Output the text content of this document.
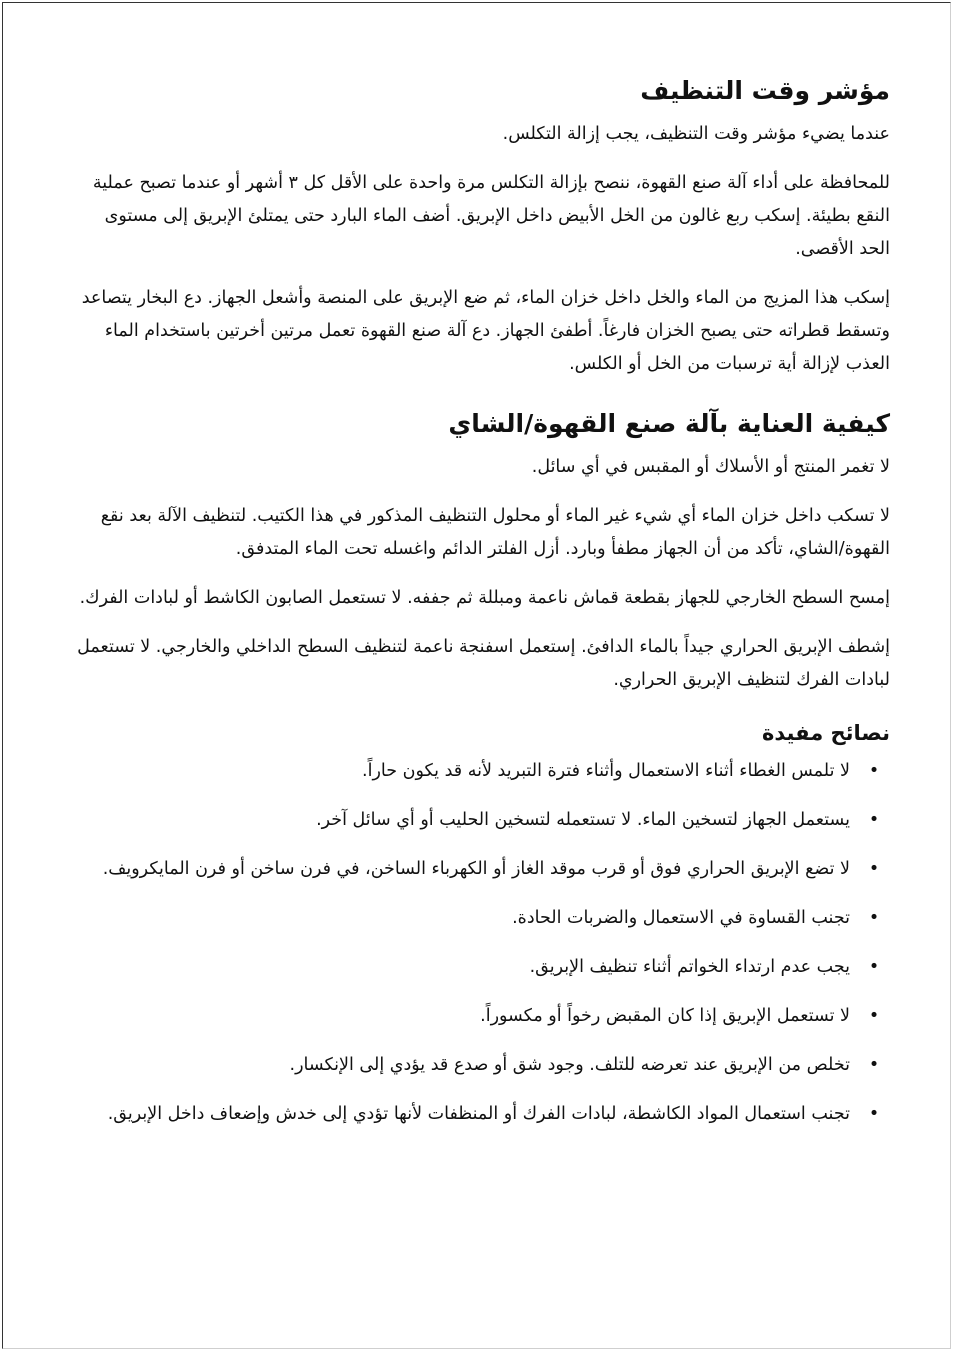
مؤشر وقت التنظيف

عندما يضيء مؤشر وقت التنظيف، يجب إزالة التكلس.

للمحافظة على أداء آلة صنع القهوة، ننصح بإزالة التكلس مرة واحدة على الأقل كل ٣ أشهر أو عندما تصبح عملية النقع بطيئة. إسكب ربع غالون من الخل الأبيض داخل الإبريق. أضف الماء البارد حتى يمتلئ الإبريق إلى مستوى الحد الأقصى.

إسكب هذا المزيج من الماء والخل داخل خزان الماء، ثم ضع الإبريق على المنصة وأشعل الجهاز. دع البخار يتصاعد وتسقط قطراته حتى يصبح الخزان فارغاً. أطفئ الجهاز. دع آلة صنع القهوة تعمل مرتين أخرتين باستخدام الماء العذب لإزالة أية ترسبات من الخل أو الكلس.

كيفية العناية بآلة صنع القهوة/الشاي

لا تغمر المنتج أو الأسلاك أو المقبس في أي سائل.

لا تسكب داخل خزان الماء أي شيء غير الماء أو محلول التنظيف المذكور في هذا الكتيب. لتنظيف الآلة بعد نقع القهوة/الشاي، تأكد من أن الجهاز مطفأ وبارد. أزل الفلتر الدائم واغسله تحت الماء المتدفق.

إمسح السطح الخارجي للجهاز بقطعة قماش ناعمة ومبللة ثم جففه. لا تستعمل الصابون الكاشط أو لبادات الفرك.

إشطف الإبريق الحراري جيداً بالماء الدافئ. إستعمل اسفنجة ناعمة لتنظيف السطح الداخلي والخارجي. لا تستعمل لبادات الفرك لتنظيف الإبريق الحراري.

نصائح مفيدة
•
لا تلمس الغطاء أثناء الاستعمال وأثناء فترة التبريد لأنه قد يكون حاراً.
•
يستعمل الجهاز لتسخين الماء. لا تستعمله لتسخين الحليب أو أي سائل آخر.
•
لا تضع الإبريق الحراري فوق أو قرب موقد الغاز أو الكهرباء الساخن، في فرن ساخن أو فرن المايكرويف.
•
تجنب القساوة في الاستعمال والضربات الحادة.
•
يجب عدم ارتداء الخواتم أثناء تنظيف الإبريق.
•
لا تستعمل الإبريق إذا كان المقبض رخواً أو مكسوراً.
•
تخلص من الإبريق عند تعرضه للتلف. وجود شق أو صدع قد يؤدي إلى الإنكسار.
•
تجنب استعمال المواد الكاشطة، لبادات الفرك أو المنظفات لأنها تؤدي إلى خدش وإضعاف داخل الإبريق.
